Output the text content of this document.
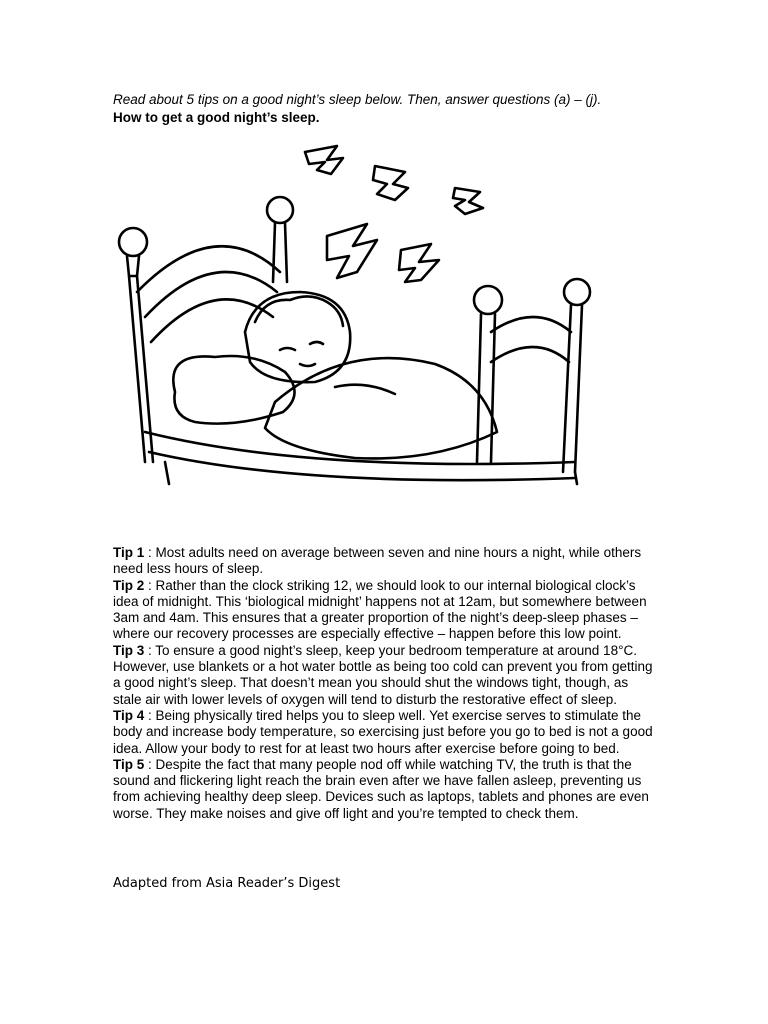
Read about 5 tips on a good night’s sleep below. Then, answer questions (a) – (j).
How to get a good night’s sleep.

Tip 1 : Most adults need on average between seven and nine hours a night, while others need less hours of sleep.

Tip 2 : Rather than the clock striking 12, we should look to our internal biological clock’s idea of midnight. This ‘biological midnight’ happens not at 12am, but somewhere between 3am and 4am. This ensures that a greater proportion of the night’s deep-sleep phases – where our recovery processes are especially effective – happen before this low point.

Tip 3 : To ensure a good night’s sleep, keep your bedroom temperature at around 18°C. However, use blankets or a hot water bottle as being too cold can prevent you from getting a good night’s sleep. That doesn’t mean you should shut the windows tight, though, as stale air with lower levels of oxygen will tend to disturb the restorative effect of sleep.

Tip 4 : Being physically tired helps you to sleep well. Yet exercise serves to stimulate the body and increase body temperature, so exercising just before you go to bed is not a good idea. Allow your body to rest for at least two hours after exercise before going to bed.

Tip 5 : Despite the fact that many people nod off while watching TV, the truth is that the sound and flickering light reach the brain even after we have fallen asleep, preventing us from achieving healthy deep sleep. Devices such as laptops, tablets and phones are even worse. They make noises and give off light and you’re tempted to check them.

Adapted from Asia Reader’s Digest
